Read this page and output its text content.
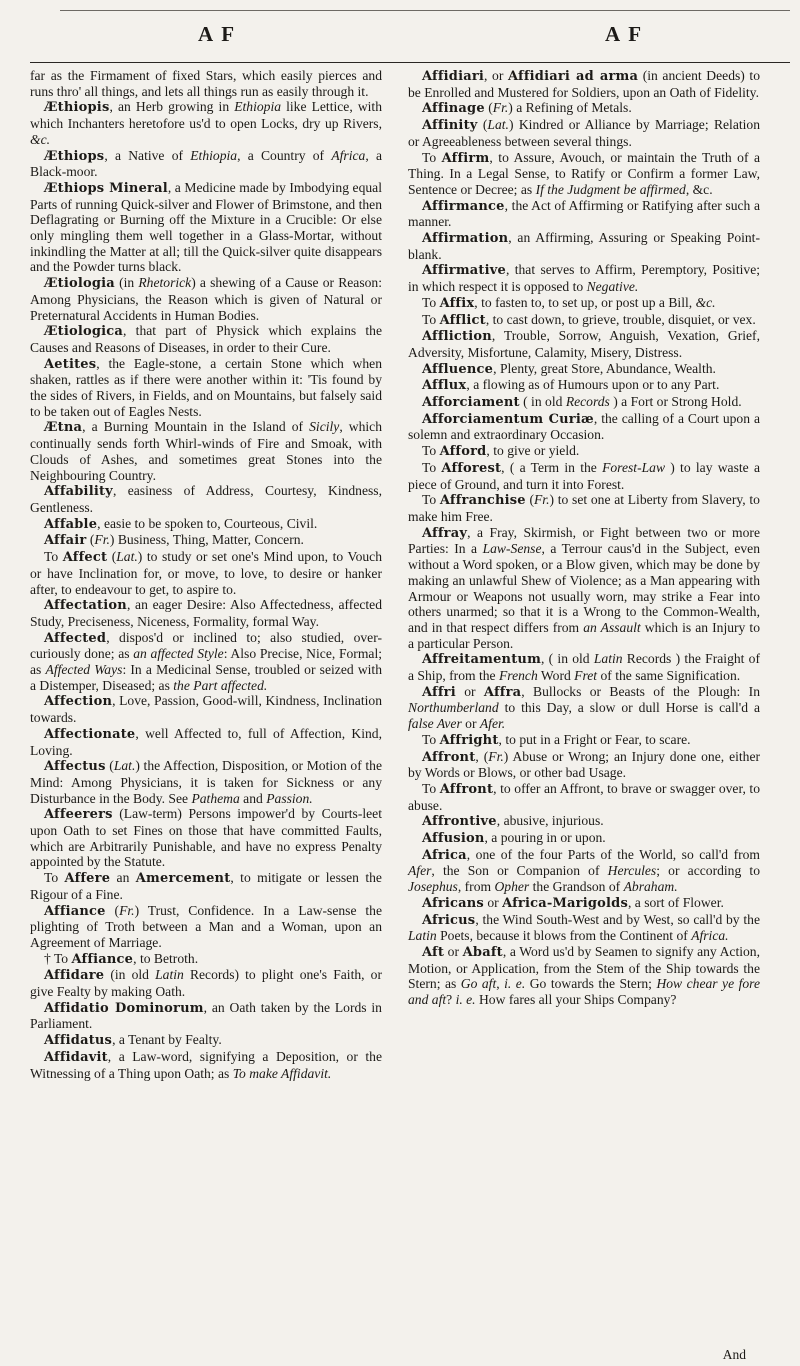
A F	A F

far as the Firmament of fixed Stars, which easily pierces and runs thro' all things, and lets all things run as easily through it.

Æthiopis, an Herb growing in Ethiopia like Lettice, with which Inchanters heretofore us'd to open Locks, dry up Rivers, &c.

Æthiops, a Native of Ethiopia, a Country of Africa, a Black-moor.

Æthiops Mineral, a Medicine made by Imbodying equal Parts of running Quick-silver and Flower of Brimstone, and then Deflagrating or Burning off the Mixture in a Crucible: Or else only mingling them well together in a Glass-Mortar, without inkindling the Matter at all; till the Quick-silver quite disappears and the Powder turns black.

Ætiologia (in Rhetorick) a shewing of a Cause or Reason: Among Physicians, the Reason which is given of Natural or Preternatural Accidents in Human Bodies.

Ætiologica, that part of Physick which explains the Causes and Reasons of Diseases, in order to their Cure.

Aetites, the Eagle-stone, a certain Stone which when shaken, rattles as if there were another within it: 'Tis found by the sides of Rivers, in Fields, and on Mountains, but falsely said to be taken out of Eagles Nests.

Ætna, a Burning Mountain in the Island of Sicily, which continually sends forth Whirl-winds of Fire and Smoak, with Clouds of Ashes, and sometimes great Stones into the Neighbouring Country.

Affability, easiness of Address, Courtesy, Kindness, Gentleness.

Affable, easie to be spoken to, Courteous, Civil.

Affair (Fr.) Business, Thing, Matter, Concern.

To Affect (Lat.) to study or set one's Mind upon, to Vouch or have Inclination for, or move, to love, to desire or hanker after, to endeavour to get, to aspire to.

Affectation, an eager Desire: Also Affectedness, affected Study, Preciseness, Niceness, Formality, formal Way.

Affected, dispos'd or inclined to; also studied, over-curiously done; as an affected Style: Also Precise, Nice, Formal; as Affected Ways: In a Medicinal Sense, troubled or seized with a Distemper, Diseased; as the Part affected.

Affection, Love, Passion, Good-will, Kindness, Inclination towards.

Affectionate, well Affected to, full of Affection, Kind, Loving.

Affectus (Lat.) the Affection, Disposition, or Motion of the Mind: Among Physicians, it is taken for Sickness or any Disturbance in the Body. See Pathema and Passion.

Affeerers (Law-term) Persons impower'd by Courts-leet upon Oath to set Fines on those that have committed Faults, which are Arbitrarily Punishable, and have no express Penalty appointed by the Statute.

To Affere an Amercement, to mitigate or lessen the Rigour of a Fine.

Affiance (Fr.) Trust, Confidence. In a Law-sense the plighting of Troth between a Man and a Woman, upon an Agreement of Marriage.

† To Affiance, to Betroth.

Affidare (in old Latin Records) to plight one's Faith, or give Fealty by making Oath.

Affidatio Dominorum, an Oath taken by the Lords in Parliament.

Affidatus, a Tenant by Fealty.

Affidavit, a Law-word, signifying a Deposition, or the Witnessing of a Thing upon Oath; as To make Affidavit.

Affidiari, or Affidiari ad arma (in ancient Deeds) to be Enrolled and Mustered for Soldiers, upon an Oath of Fidelity.

Affinage (Fr.) a Refining of Metals.

Affinity (Lat.) Kindred or Alliance by Marriage; Relation or Agreeableness between several things.

To Affirm, to Assure, Avouch, or maintain the Truth of a Thing. In a Legal Sense, to Ratify or Confirm a former Law, Sentence or Decree; as If the Judgment be affirmed, &c.

Affirmance, the Act of Affirming or Ratifying after such a manner.

Affirmation, an Affirming, Assuring or Speaking Point-blank.

Affirmative, that serves to Affirm, Peremptory, Positive; in which respect it is opposed to Negative.

To Affix, to fasten to, to set up, or post up a Bill, &c.

To Afflict, to cast down, to grieve, trouble, disquiet, or vex.

Affliction, Trouble, Sorrow, Anguish, Vexation, Grief, Adversity, Misfortune, Calamity, Misery, Distress.

Affluence, Plenty, great Store, Abundance, Wealth.

Afflux, a flowing as of Humours upon or to any Part.

Afforciament ( in old Records ) a Fort or Strong Hold.

Afforciamentum Curiæ, the calling of a Court upon a solemn and extraordinary Occasion.

To Afford, to give or yield.

To Afforest, ( a Term in the Forest-Law ) to lay waste a piece of Ground, and turn it into Forest.

To Affranchise (Fr.) to set one at Liberty from Slavery, to make him Free.

Affray, a Fray, Skirmish, or Fight between two or more Parties: In a Law-Sense, a Terrour caus'd in the Subject, even without a Word spoken, or a Blow given, which may be done by making an unlawful Shew of Violence; as a Man appearing with Armour or Weapons not usually worn, may strike a Fear into others unarmed; so that it is a Wrong to the Common-Wealth, and in that respect differs from an Assault which is an Injury to a particular Person.

Affreitamentum, ( in old Latin Records ) the Fraight of a Ship, from the French Word Fret of the same Signification.

Affri or Affra, Bullocks or Beasts of the Plough: In Northumberland to this Day, a slow or dull Horse is call'd a false Aver or Afer.

To Affright, to put in a Fright or Fear, to scare.

Affront, (Fr.) Abuse or Wrong; an Injury done one, either by Words or Blows, or other bad Usage.

To Affront, to offer an Affront, to brave or swagger over, to abuse.

Affrontive, abusive, injurious.

Affusion, a pouring in or upon.

Africa, one of the four Parts of the World, so call'd from Afer, the Son or Companion of Hercules; or according to Josephus, from Opher the Grandson of Abraham.

Africans or Africa-Marigolds, a sort of Flower.

Africus, the Wind South-West and by West, so call'd by the Latin Poets, because it blows from the Continent of Africa.

Aft or Abaft, a Word us'd by Seamen to signify any Action, Motion, or Application, from the Stem of the Ship towards the Stern; as Go aft, i. e. Go towards the Stern; How chear ye fore and aft? i. e. How fares all your Ships Company?

And
